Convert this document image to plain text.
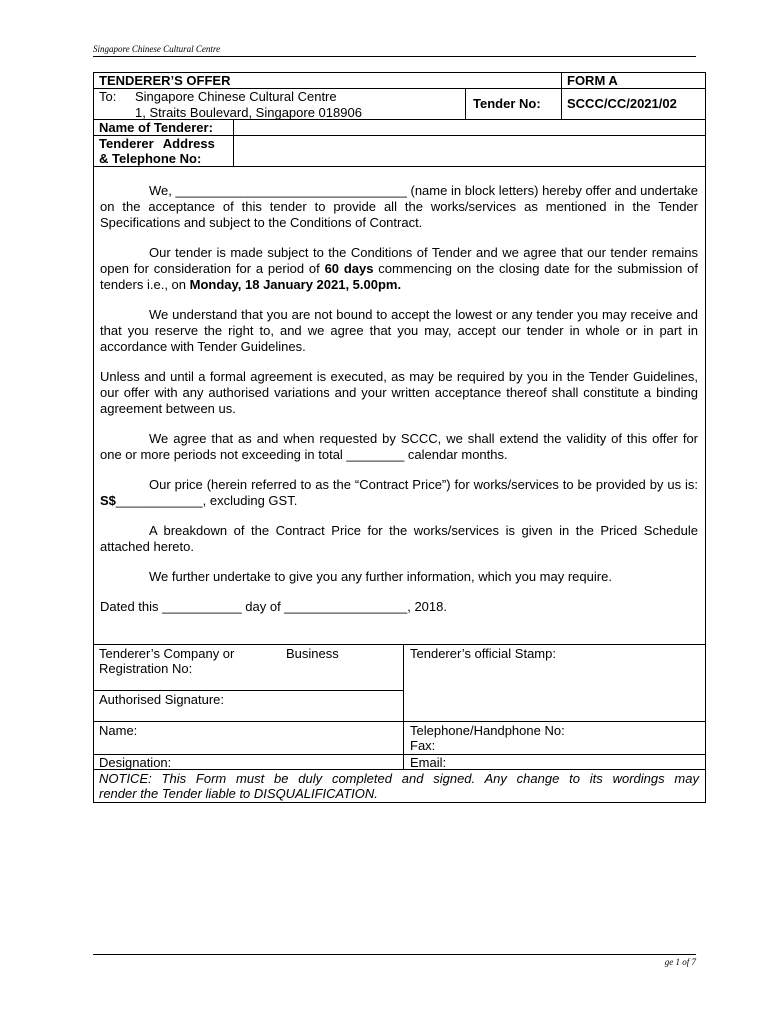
Singapore Chinese Cultural Centre
TENDERER’S OFFER	FORM A
To: Singapore Chinese Cultural Centre
1, Straits Boulevard, Singapore 018906
Tender No: SCCC/CC/2021/02
Name of Tenderer:
Tenderer Address
& Telephone No:

We, ________________________________ (name in block letters) hereby offer and undertake on the acceptance of this tender to provide all the works/services as mentioned in the Tender Specifications and subject to the Conditions of Contract.

Our tender is made subject to the Conditions of Tender and we agree that our tender remains open for consideration for a period of 60 days commencing on the closing date for the submission of tenders i.e., on Monday, 18 January 2021, 5.00pm.

We understand that you are not bound to accept the lowest or any tender you may receive and that you reserve the right to, and we agree that you may, accept our tender in whole or in part in accordance with Tender Guidelines.

Unless and until a formal agreement is executed, as may be required by you in the Tender Guidelines, our offer with any authorised variations and your written acceptance thereof shall constitute a binding agreement between us.

We agree that as and when requested by SCCC, we shall extend the validity of this offer for one or more periods not exceeding in total ________ calendar months.

Our price (herein referred to as the “Contract Price”) for works/services to be provided by us is: S$____________, excluding GST.

A breakdown of the Contract Price for the works/services is given in the Priced Schedule attached hereto.

We further undertake to give you any further information, which you may require.

Dated this ___________ day of _________________, 2018.

Tenderer’s Company or	Business
Registration No:
Tenderer’s official Stamp:
Authorised Signature:
Name:	Telephone/Handphone No:
Fax:
Designation:	Email:
NOTICE: This Form must be duly completed and signed. Any change to its wordings may
render the Tender liable to DISQUALIFICATION.
ge 1 of 7
